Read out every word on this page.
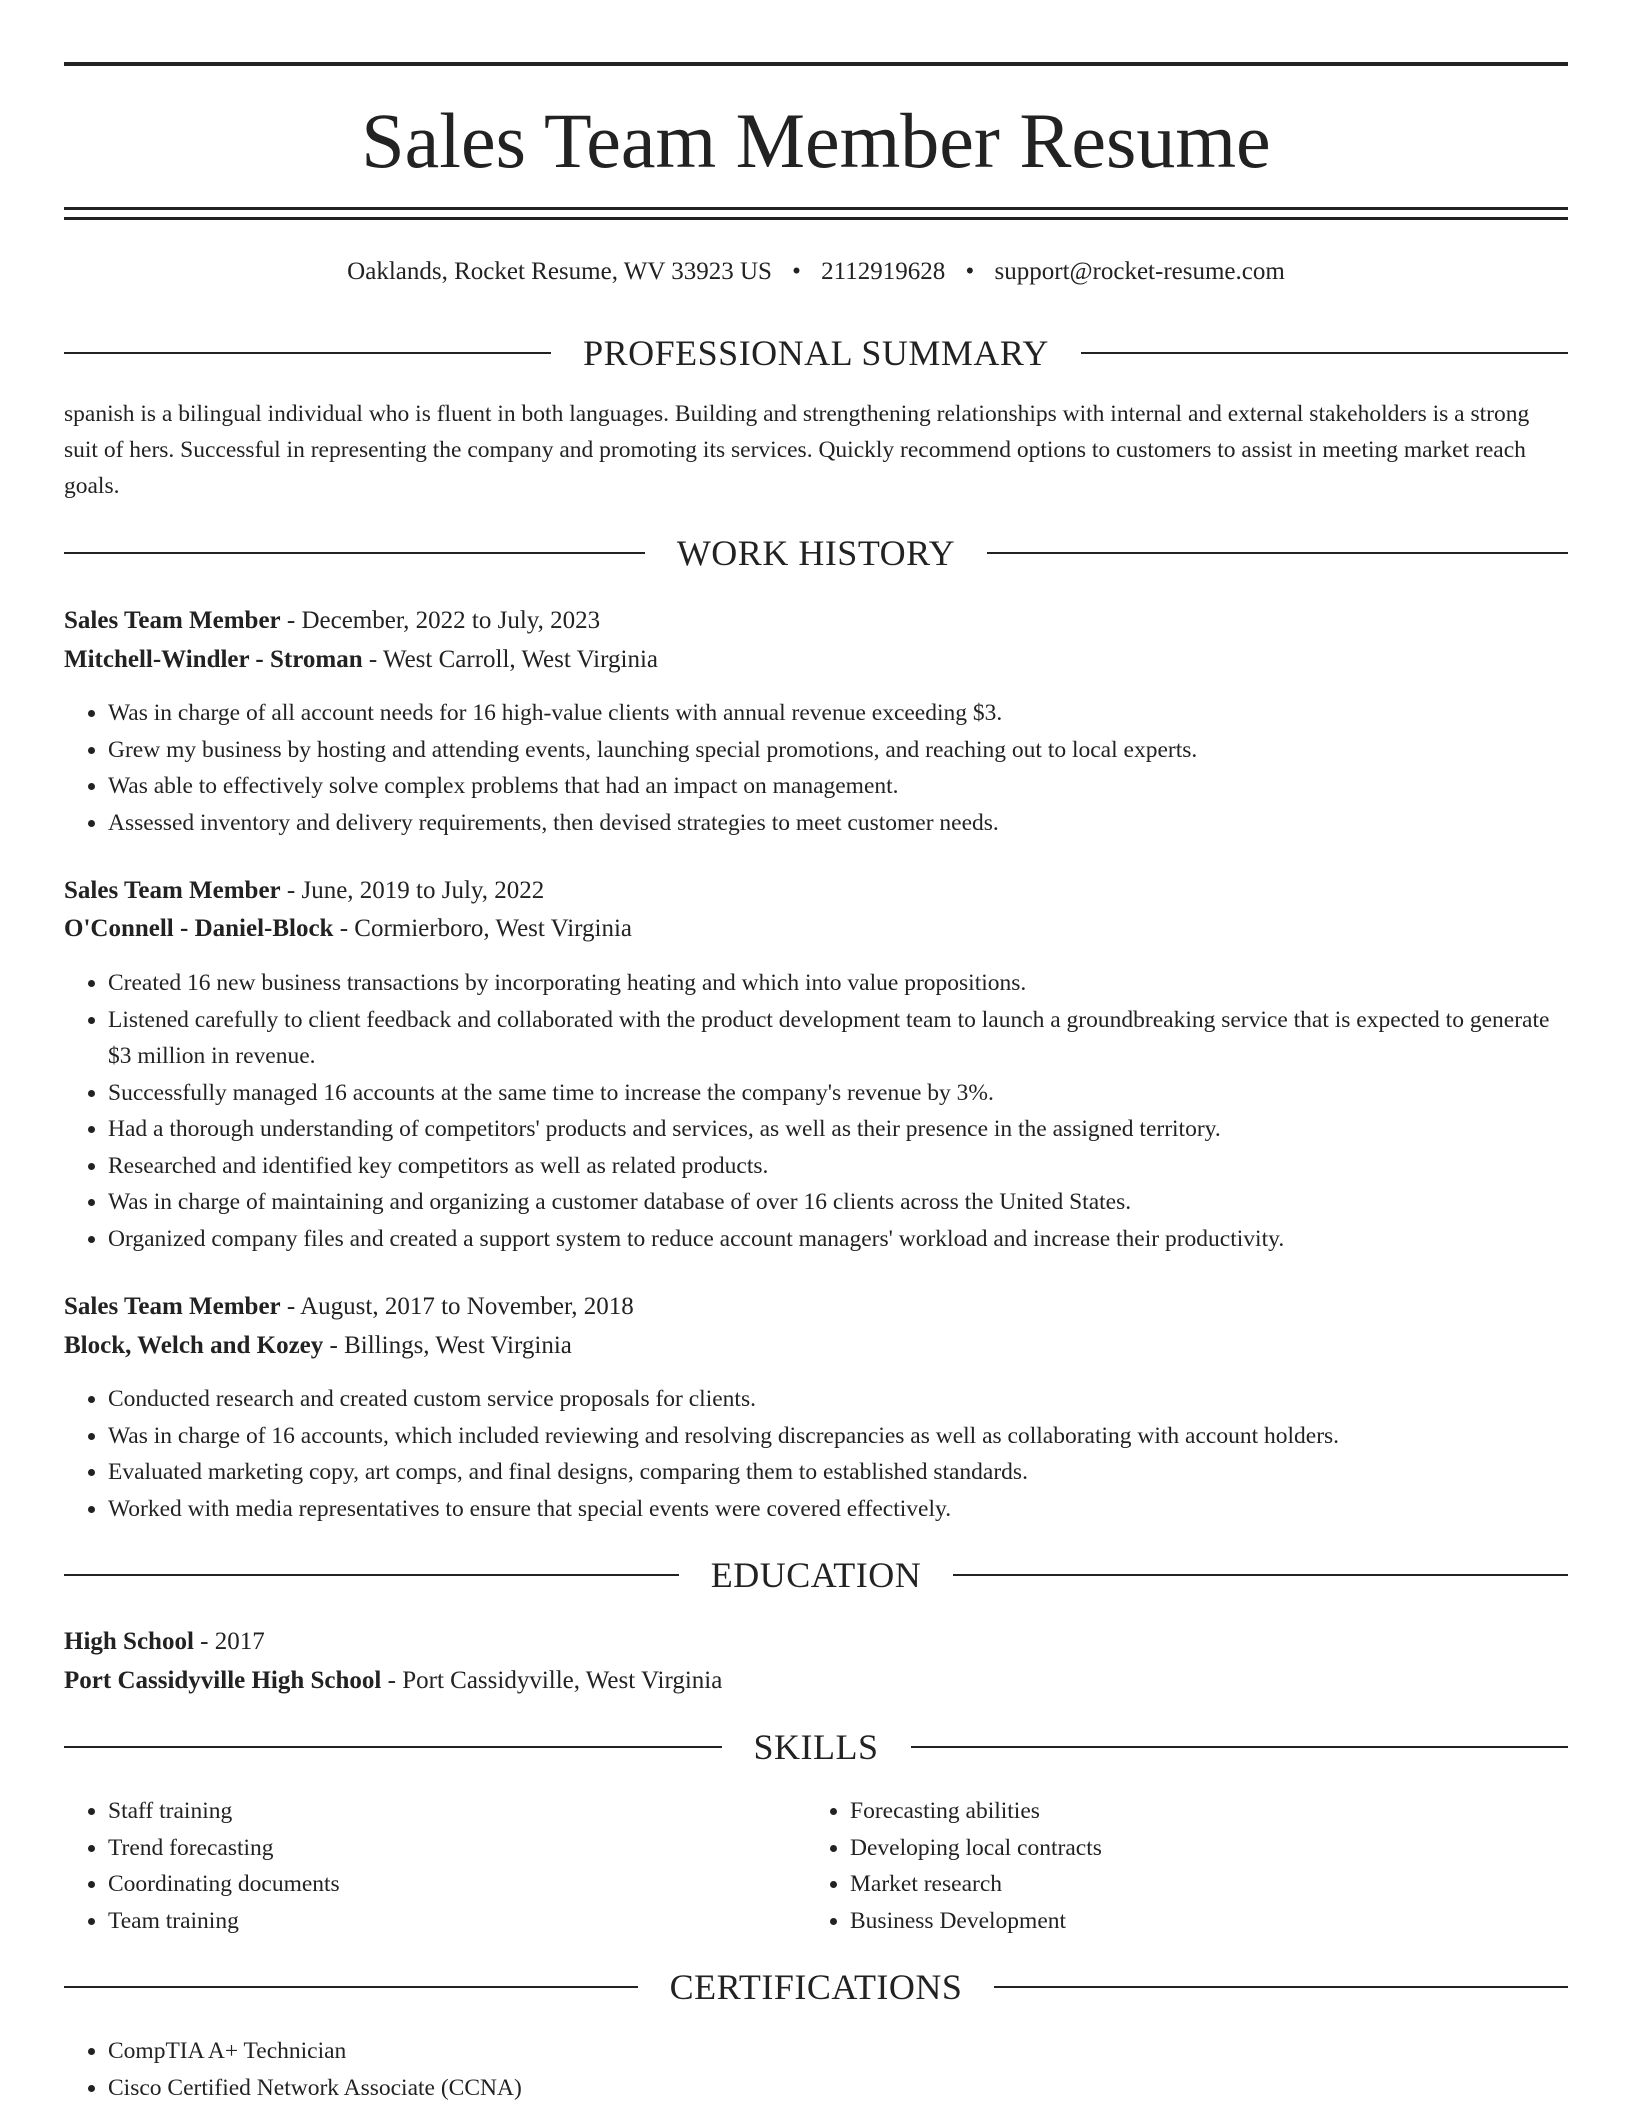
Sales Team Member Resume
Oaklands, Rocket Resume, WV 33923 US • 2112919628 • support@rocket-resume.com
PROFESSIONAL SUMMARY

spanish is a bilingual individual who is fluent in both languages. Building and strengthening relationships with internal and external stakeholders is a strong suit of hers. Successful in representing the company and promoting its services. Quickly recommend options to customers to assist in meeting market reach goals.

WORK HISTORY
Sales Team Member - December, 2022 to July, 2023
Mitchell-Windler - Stroman - West Carroll, West Virginia
• Was in charge of all account needs for 16 high-value clients with annual revenue exceeding $3.
• Grew my business by hosting and attending events, launching special promotions, and reaching out to local experts.
• Was able to effectively solve complex problems that had an impact on management.
• Assessed inventory and delivery requirements, then devised strategies to meet customer needs.
Sales Team Member - June, 2019 to July, 2022
O'Connell - Daniel-Block - Cormierboro, West Virginia
• Created 16 new business transactions by incorporating heating and which into value propositions.
• Listened carefully to client feedback and collaborated with the product development team to launch a groundbreaking service that is expected to generate $3 million in revenue.
• Successfully managed 16 accounts at the same time to increase the company's revenue by 3%.
• Had a thorough understanding of competitors' products and services, as well as their presence in the assigned territory.
• Researched and identified key competitors as well as related products.
• Was in charge of maintaining and organizing a customer database of over 16 clients across the United States.
• Organized company files and created a support system to reduce account managers' workload and increase their productivity.
Sales Team Member - August, 2017 to November, 2018
Block, Welch and Kozey - Billings, West Virginia
• Conducted research and created custom service proposals for clients.
• Was in charge of 16 accounts, which included reviewing and resolving discrepancies as well as collaborating with account holders.
• Evaluated marketing copy, art comps, and final designs, comparing them to established standards.
• Worked with media representatives to ensure that special events were covered effectively.
EDUCATION
High School - 2017
Port Cassidyville High School - Port Cassidyville, West Virginia
SKILLS
• Staff training
• Trend forecasting
• Coordinating documents
• Team training
• Forecasting abilities
• Developing local contracts
• Market research
• Business Development
CERTIFICATIONS
• CompTIA A+ Technician
• Cisco Certified Network Associate (CCNA)
